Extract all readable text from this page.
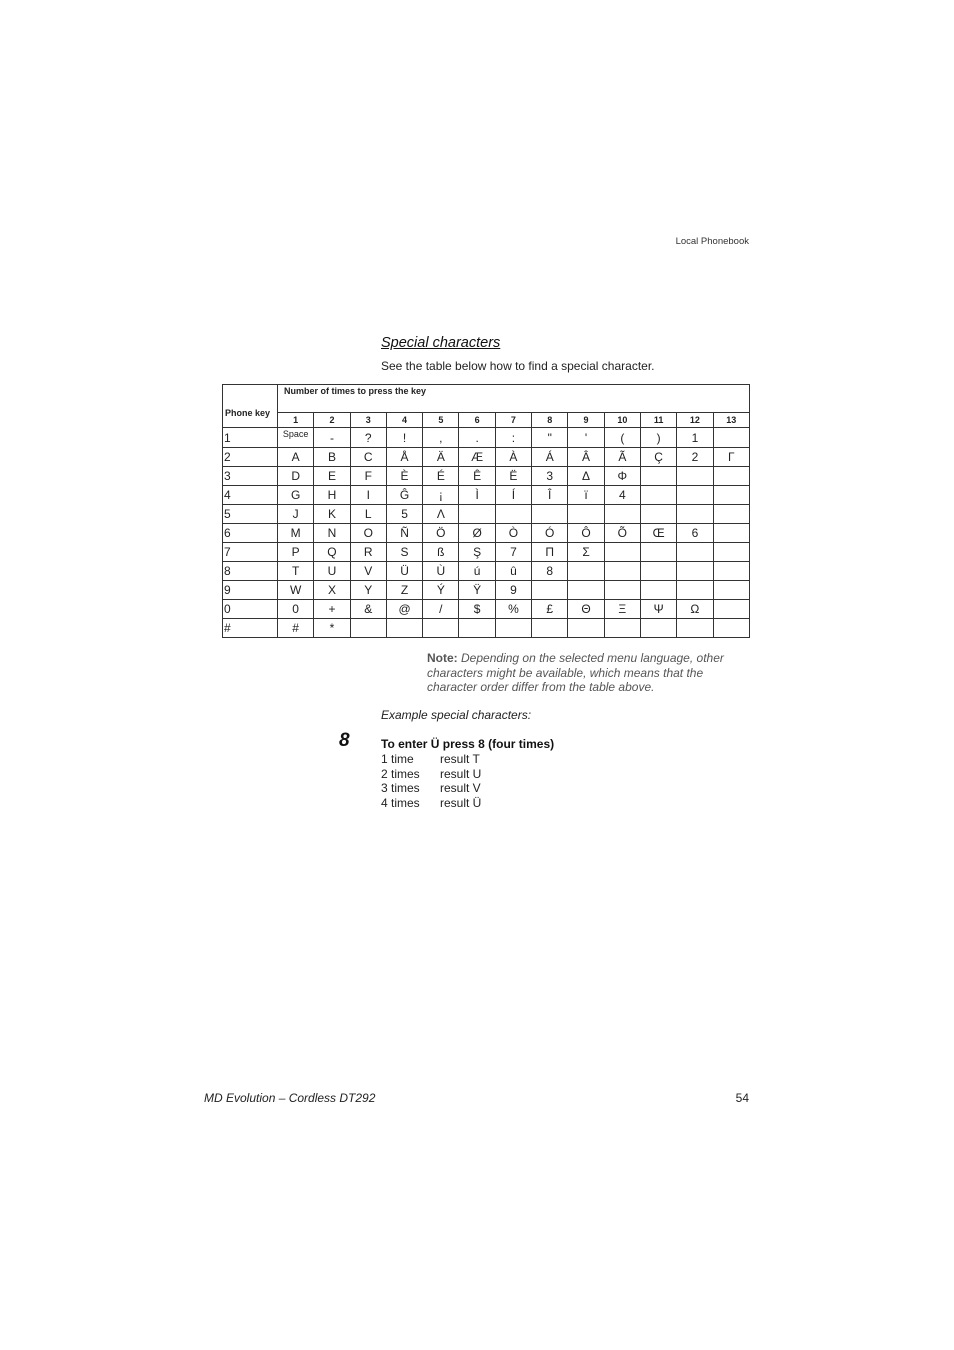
Local Phonebook
Special characters
See the table below how to find a special character.
Phone key	Number of times to press the key												
	1	2	3	4	5	6	7	8	9	10	11	12	13
1	Space	-	?	!	,	.	:	"	'	(	)	1	
2	A	B	C	Å	Ä	Æ	À	Á	Â	Ã	Ç	2	Γ
3	D	E	F	È	É	Ê	Ë	3	Δ	Φ			
4	G	H	I	Ĝ	¡	Ì	Í	Î	ï	4			
5	J	K	L	5	Λ								
6	M	N	O	Ñ	Ö	Ø	Ò	Ó	Ô	Õ	Œ	6	
7	P	Q	R	S	ß	Ş	7	Π	Σ				
8	T	U	V	Ü	Ù	ú	û	8					
9	W	X	Y	Z	Ý	Ÿ	9						
0	0	+	&	@	/	$	%	£	Θ	Ξ	Ψ	Ω	
#	#	*											
Note: Depending on the selected menu language, other characters might be available, which means that the character order differ from the table above.
Example special characters:
8	To enter Ü press 8 (four times)
1 time	result T
2 times	result U
3 times	result V
4 times	result Ü
MD Evolution – Cordless DT292	54
